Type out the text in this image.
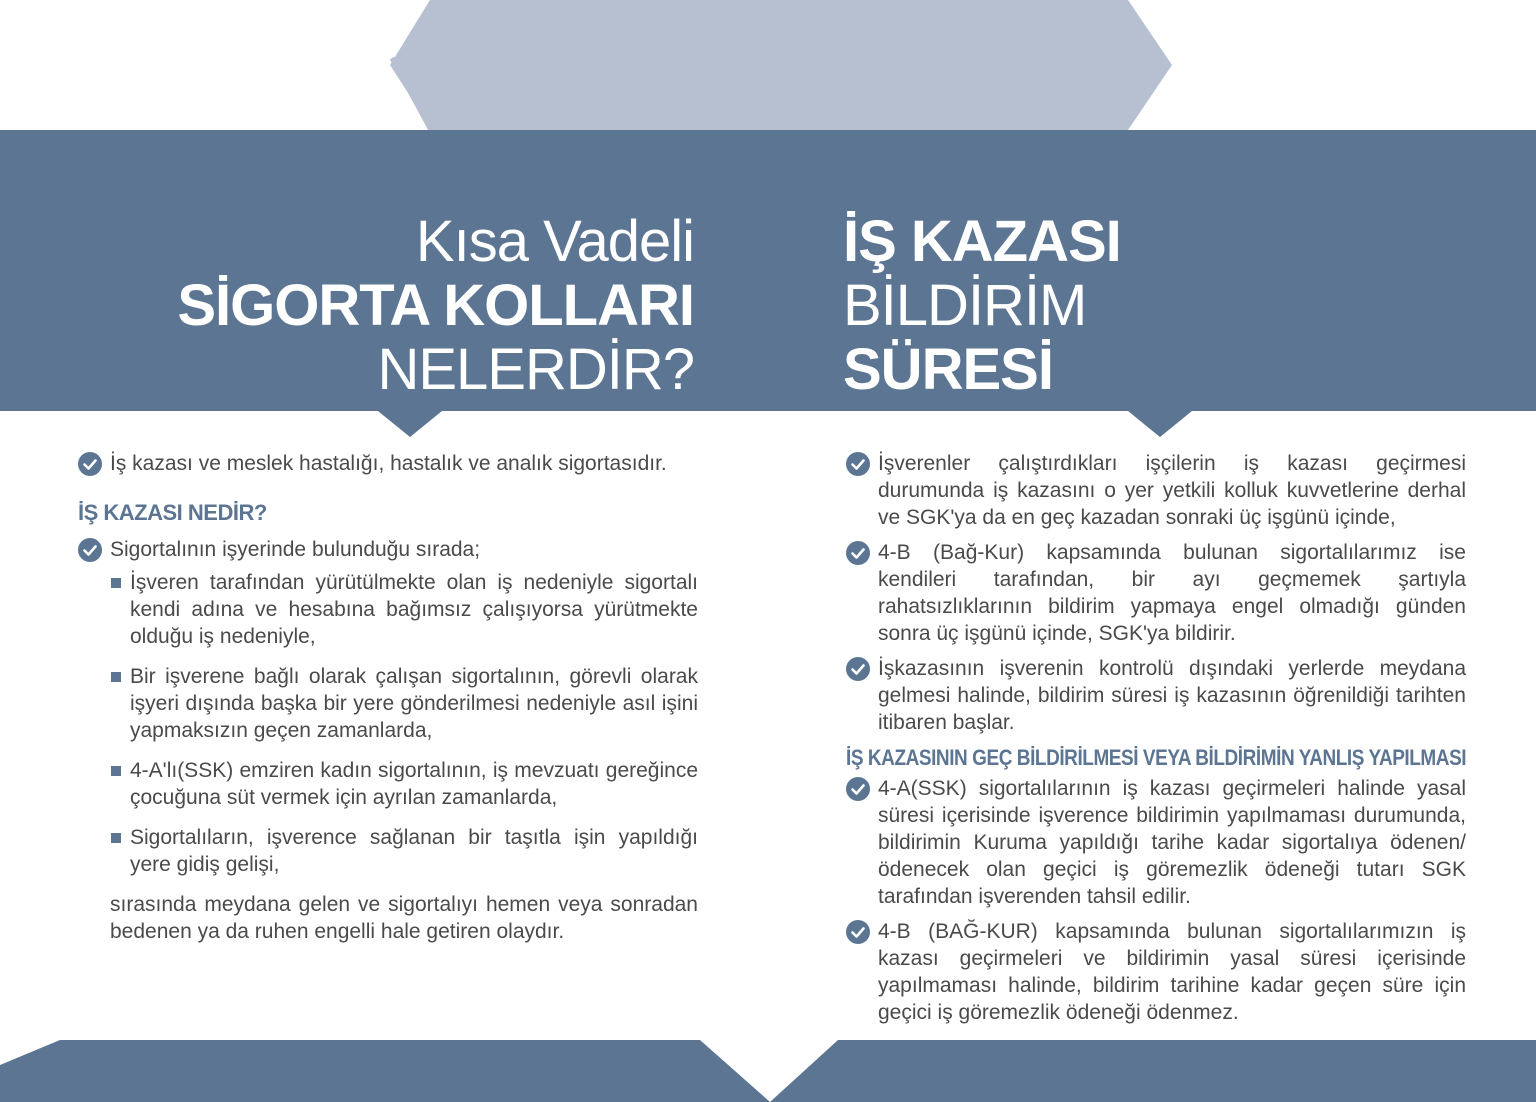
Kısa Vadeli
SİGORTA KOLLARI
NELERDİR?
İŞ KAZASI
BİLDİRİM
SÜRESİ
İş kazası ve meslek hastalığı, hastalık ve analık sigortasıdır.
İŞ KAZASI NEDİR?
Sigortalının işyerinde bulunduğu sırada;
İşveren tarafından yürütülmekte olan iş nedeniyle sigortalı kendi adına ve hesabına bağımsız çalışıyorsa yürütmekte olduğu iş nedeniyle,
Bir işverene bağlı olarak çalışan sigortalının, görevli olarak işyeri dışında başka bir yere gönderilmesi nedeniyle asıl işini yapmaksızın geçen zamanlarda,
4-A'lı(SSK) emziren kadın sigortalının, iş mevzuatı gereğince çocuğuna süt vermek için ayrılan zamanlarda,
Sigortalıların, işverence sağlanan bir taşıtla işin yapıldığı yere gidiş gelişi,
sırasında meydana gelen ve sigortalıyı hemen veya sonradan bedenen ya da ruhen engelli hale getiren olaydır.
İşverenler çalıştırdıkları işçilerin iş kazası geçirmesi durumunda iş kazasını o yer yetkili kolluk kuvvetlerine derhal ve SGK'ya da en geç kazadan sonraki üç işgünü içinde,
4-B (Bağ-Kur) kapsamında bulunan sigortalılarımız ise kendileri tarafından, bir ayı geçmemek şartıyla rahatsızlıklarının bildirim yapmaya engel olmadığı günden sonra üç işgünü içinde, SGK'ya bildirir.
İşkazasının işverenin kontrolü dışındaki yerlerde meydana gelmesi halinde, bildirim süresi iş kazasının öğrenildiği tarihten itibaren başlar.
İŞ KAZASININ GEÇ BİLDİRİLMESİ VEYA BİLDİRİMİN YANLIŞ YAPILMASI
4-A(SSK) sigortalılarının iş kazası geçirmeleri halinde yasal süresi içerisinde işverence bildirimin yapılmaması durumunda, bildirimin Kuruma yapıldığı tarihe kadar sigortalıya ödenen/ödenecek olan geçici iş göremezlik ödeneği tutarı SGK tarafından işverenden tahsil edilir.
4-B (BAĞ-KUR) kapsamında bulunan sigortalılarımızın iş kazası geçirmeleri ve bildirimin yasal süresi içerisinde yapılmaması halinde, bildirim tarihine kadar geçen süre için geçici iş göremezlik ödeneği ödenmez.
